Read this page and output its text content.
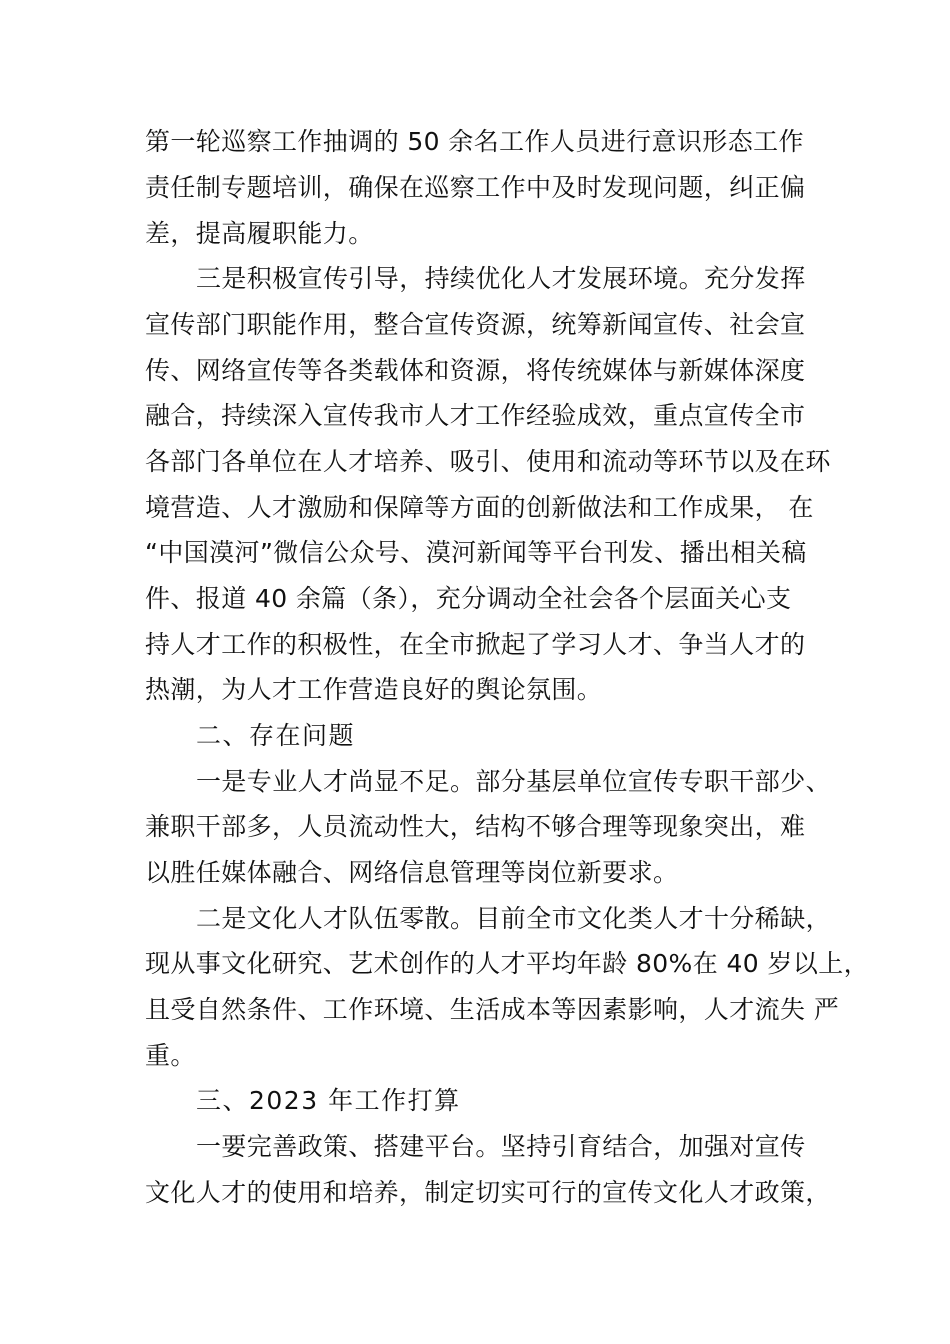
第一轮巡察工作抽调的 50 余名工作人员进行意识形态工作
责任制专题培训，确保在巡察工作中及时发现问题，纠正偏
差，提高履职能力。
三是积极宣传引导，持续优化人才发展环境。充分发挥
宣传部门职能作用，整合宣传资源，统筹新闻宣传、社会宣
传、网络宣传等各类载体和资源，将传统媒体与新媒体深度
融合，持续深入宣传我市人才工作经验成效，重点宣传全市
各部门各单位在人才培养、吸引、使用和流动等环节以及在环
境营造、人才激励和保障等方面的创新做法和工作成果， 在
“中国漠河”微信公众号、漠河新闻等平台刊发、播出相关稿
件、报道 40 余篇（条），充分调动全社会各个层面关心支
持人才工作的积极性，在全市掀起了学习人才、争当人才的
热潮，为人才工作营造良好的舆论氛围。
二、存在问题
一是专业人才尚显不足。部分基层单位宣传专职干部少、
兼职干部多，人员流动性大，结构不够合理等现象突出，难
以胜任媒体融合、网络信息管理等岗位新要求。
二是文化人才队伍零散。目前全市文化类人才十分稀缺，
现从事文化研究、艺术创作的人才平均年龄 80%在 40 岁以上，
且受自然条件、工作环境、生活成本等因素影响，人才流失 严
重。
三、2023 年工作打算
一要完善政策、搭建平台。坚持引育结合，加强对宣传
文化人才的使用和培养，制定切实可行的宣传文化人才政策，
